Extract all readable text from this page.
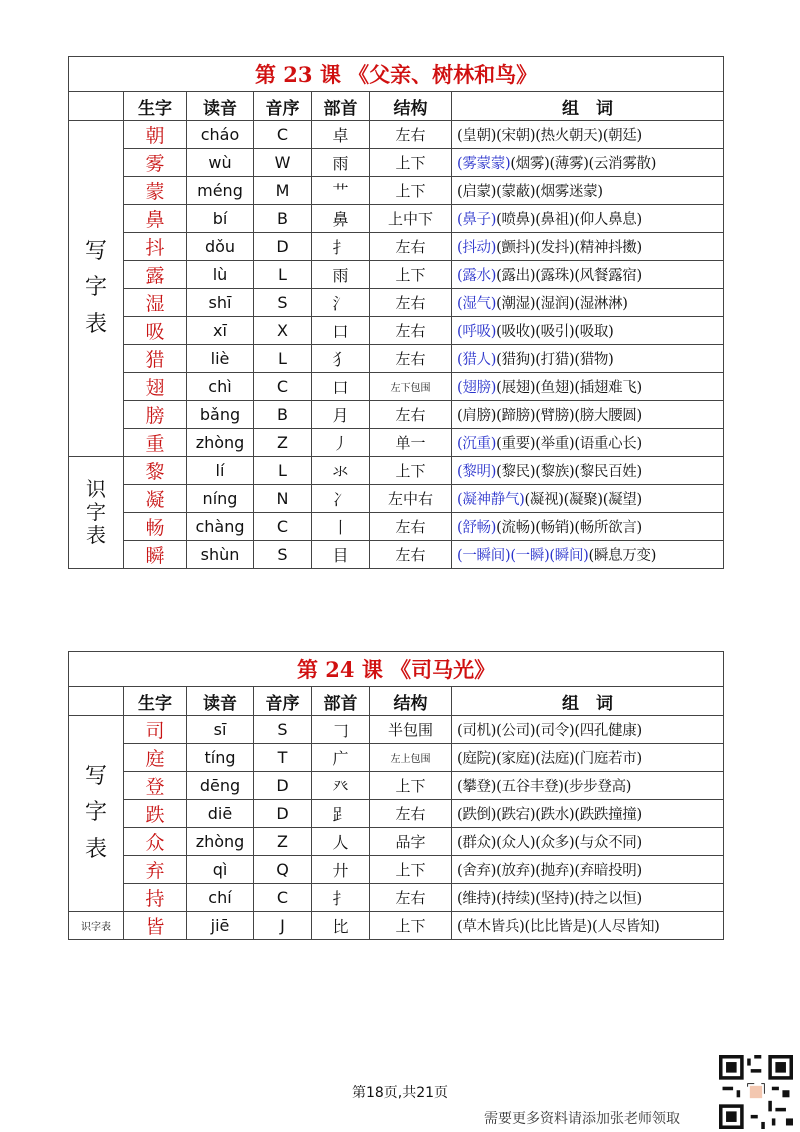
第 23 课 《父亲、树林和鸟》						
	生字	读音	音序	部首	结构	组　词

写
字
表	朝	cháo	C	卓	左右	(皇朝)(宋朝)(热火朝天)(朝廷)
	雾	wù	W	雨	上下	(雾蒙蒙)(烟雾)(薄雾)(云消雾散)
	蒙	méng	M	艹	上下	(启蒙)(蒙蔽)(烟雾迷蒙)
	鼻	bí	B	鼻	上中下	(鼻子)(喷鼻)(鼻祖)(仰人鼻息)
	抖	dǒu	D	扌	左右	(抖动)(颤抖)(发抖)(精神抖擞)
	露	lù	L	雨	上下	(露水)(露出)(露珠)(风餐露宿)
	湿	shī	S	氵	左右	(湿气)(潮湿)(湿润)(湿淋淋)
	吸	xī	X	口	左右	(呼吸)(吸收)(吸引)(吸取)
	猎	liè	L	犭	左右	(猎人)(猎狗)(打猎)(猎物)
	翅	chì	C	口	左下包围	(翅膀)(展翅)(鱼翅)(插翅难飞)
	膀	bǎng	B	月	左右	(肩膀)(蹄膀)(臂膀)(膀大腰圆)
	重	zhòng	Z	丿	单一	(沉重)(重要)(举重)(语重心长)

识
字
表	黎	lí	L	氺	上下	(黎明)(黎民)(黎族)(黎民百姓)
	凝	níng	N	冫	左中右	(凝神静气)(凝视)(凝聚)(凝望)
	畅	chàng	C	丨	左右	(舒畅)(流畅)(畅销)(畅所欲言)
	瞬	shùn	S	目	左右	(一瞬间)(一瞬)(瞬间)(瞬息万变)
第 24 课 《司马光》						
	生字	读音	音序	部首	结构	组　词

写
字
表	司	sī	S	𠃌	半包围	(司机)(公司)(司令)(四孔健康)
	庭	tíng	T	广	左上包围	(庭院)(家庭)(法庭)(门庭若市)
	登	dēng	D	癶	上下	(攀登)(五谷丰登)(步步登高)
	跌	diē	D	𧾷	左右	(跌倒)(跌宕)(跌水)(跌跌撞撞)
	众	zhòng	Z	人	品字	(群众)(众人)(众多)(与众不同)
	弃	qì	Q	廾	上下	(舍弃)(放弃)(抛弃)(弃暗投明)
	持	chí	C	扌	左右	(维持)(持续)(坚持)(持之以恒)
识字表	皆	jiē	J	比	上下	(草木皆兵)(比比皆是)(人尽皆知)
第18页,共21页
需要更多资料请添加张老师领取
